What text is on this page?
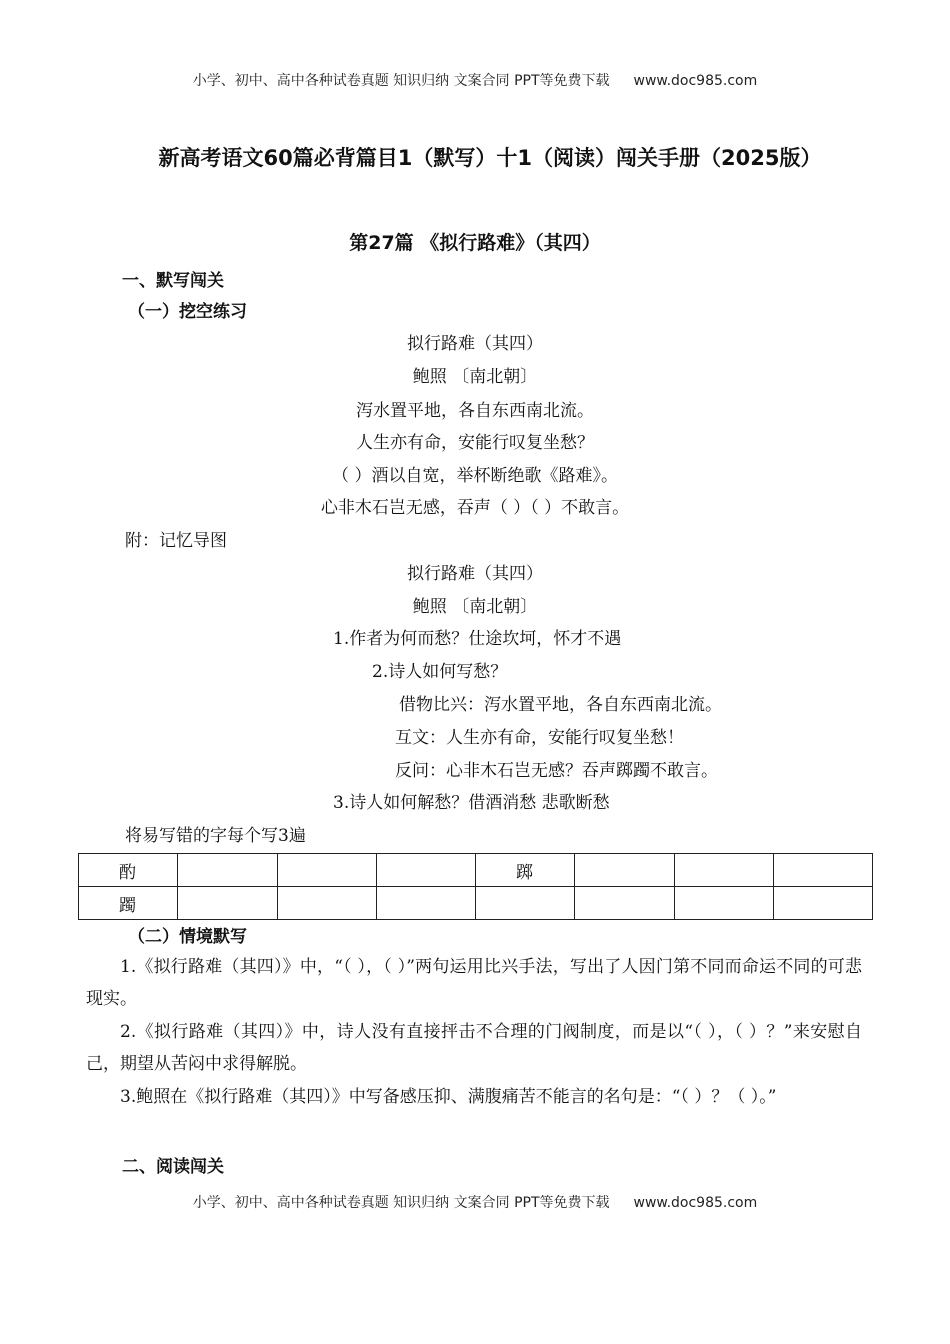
小学、初中、高中各种试卷真题 知识归纳 文案合同 PPT等免费下载 www.doc985.com
新高考语文60篇必背篇目1（默写）十1（阅读）闯关手册（2025版）
第27篇 《拟行路难》（其四）
一、默写闯关
（一）挖空练习
拟行路难（其四）
鲍照 〔南北朝〕
泻水置平地，各自东西南北流。
人生亦有命，安能行叹复坐愁？
（ ）酒以自宽，举杯断绝歌《路难》。
心非木石岂无感，吞声（ ）（ ）不敢言。
附：记忆导图
拟行路难（其四）
鲍照 〔南北朝〕
1.作者为何而愁？仕途坎坷，怀才不遇
2.诗人如何写愁？
借物比兴：泻水置平地，各自东西南北流。
互文：人生亦有命，安能行叹复坐愁！
反问：心非木石岂无感？吞声踯躅不敢言。
3.诗人如何解愁？借酒消愁 悲歌断愁
将易写错的字每个写3遍
酌				踯			
躅							
（二）情境默写
1.《拟行路难（其四）》中，“（ ），（ ）”两句运用比兴手法，写出了人因门第不同而命运不同的可悲现实。
2.《拟行路难（其四）》中，诗人没有直接抨击不合理的门阀制度，而是以“（ ），（ ）？”来安慰自己，期望从苦闷中求得解脱。
3.鲍照在《拟行路难（其四）》中写备感压抑、满腹痛苦不能言的名句是：“（ ）？（ ）。”
二、阅读闯关
小学、初中、高中各种试卷真题 知识归纳 文案合同 PPT等免费下载 www.doc985.com
